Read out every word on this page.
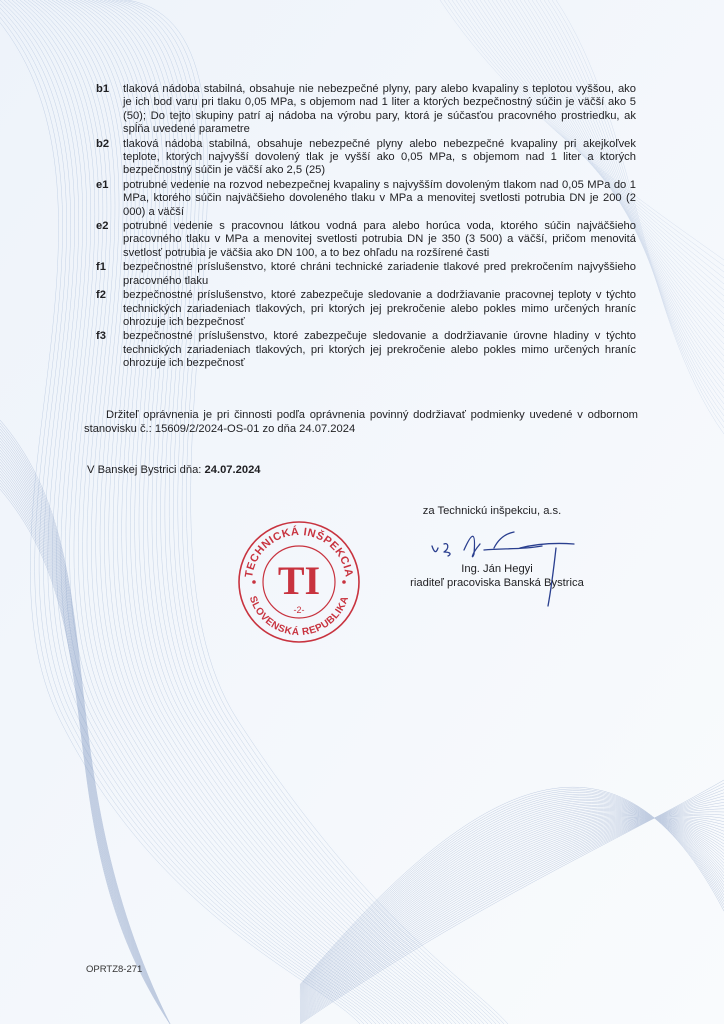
b1	tlaková nádoba stabilná, obsahuje nie nebezpečné plyny, pary alebo kvapaliny s teplotou vyššou, ako je ich bod varu pri tlaku 0,05 MPa, s objemom nad 1 liter a ktorých bezpečnostný súčin je väčší ako 5 (50); Do tejto skupiny patrí aj nádoba na výrobu pary, ktorá je súčasťou pracovného prostriedku, ak spĺňa uvedené parametre
b2	tlaková nádoba stabilná, obsahuje nebezpečné plyny alebo nebezpečné kvapaliny pri akejkoľvek teplote, ktorých najvyšší dovolený tlak je vyšší ako 0,05 MPa, s objemom nad 1 liter a ktorých bezpečnostný súčin je väčší ako 2,5 (25)
e1	potrubné vedenie na rozvod nebezpečnej kvapaliny s najvyšším dovoleným tlakom nad 0,05 MPa do 1 MPa, ktorého súčin najväčšieho dovoleného tlaku v MPa a menovitej svetlosti potrubia DN je 200 (2 000) a väčší
e2	potrubné vedenie s pracovnou látkou vodná para alebo horúca voda, ktorého súčin najväčšieho pracovného tlaku v MPa a menovitej svetlosti potrubia DN je 350 (3 500) a väčší, pričom menovitá svetlosť potrubia je väčšia ako DN 100, a to bez ohľadu na rozšírené časti
f1	bezpečnostné príslušenstvo, ktoré chráni technické zariadenie tlakové pred prekročením najvyššieho pracovného tlaku
f2	bezpečnostné príslušenstvo, ktoré zabezpečuje sledovanie a dodržiavanie pracovnej teploty v týchto technických zariadeniach tlakových, pri ktorých jej prekročenie alebo pokles mimo určených hraníc ohrozuje ich bezpečnosť
f3	bezpečnostné príslušenstvo, ktoré zabezpečuje sledovanie a dodržiavanie úrovne hladiny v týchto technických zariadeniach tlakových, pri ktorých jej prekročenie alebo pokles mimo určených hraníc ohrozuje ich bezpečnosť
Držiteľ oprávnenia je pri činnosti podľa oprávnenia povinný dodržiavať podmienky uvedené v odbornom stanovisku č.: 15609/2/2024-OS-01 zo dňa 24.07.2024
V Banskej Bystrici dňa: 24.07.2024
TECHNICKÁ INŠPEKCIA
SLOVENSKÁ REPUBLIKA
TI
-2-
za Technickú inšpekciu, a.s.
Ing. Ján Hegyi
riaditeľ pracoviska Banská Bystrica
OPRTZ8-271
